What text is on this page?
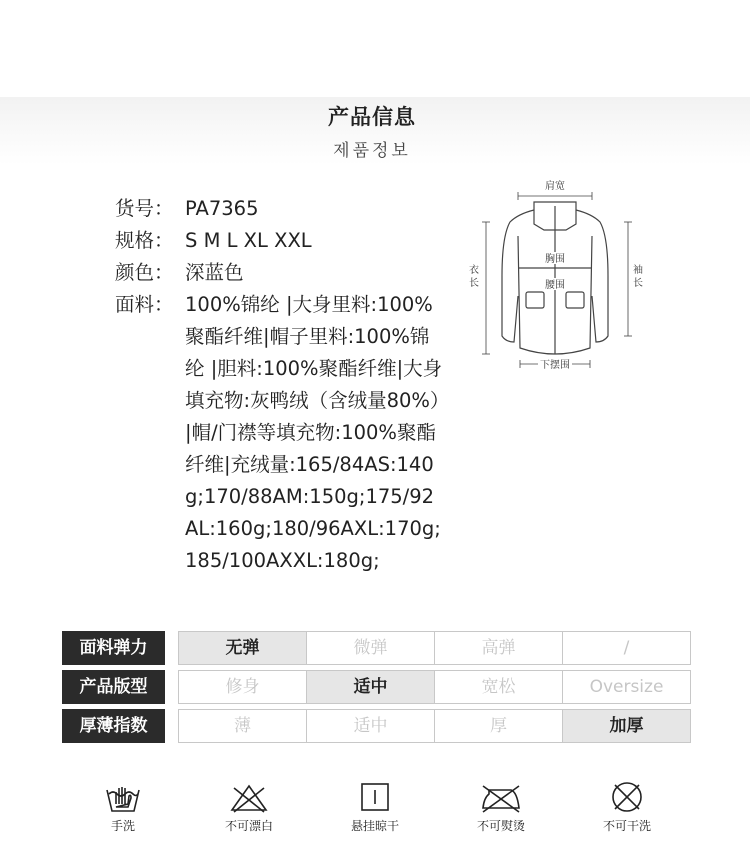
产品信息
제품정보
货号： PA7365
规格： S M L XL XXL
颜色： 深蓝色
面料： 100%锦纶 |大身里料:100%聚酯纤维|帽子里料:100%锦纶 |胆料:100%聚酯纤维|大身填充物:灰鸭绒（含绒量80%）|帽/门襟等填充物:100%聚酯纤维|充绒量:165/84AS:140g;170/88AM:150g;175/92AL:160g;180/96AXL:170g;185/100AXXL:180g;
肩宽
胸围
腰围
下摆围
衣
长
袖
长
面料弹力	无弹	微弹	高弹	/
产品版型	修身	适中	宽松	Oversize
厚薄指数	薄	适中	厚	加厚
手洗	不可漂白	悬挂晾干	不可熨烫	不可干洗
